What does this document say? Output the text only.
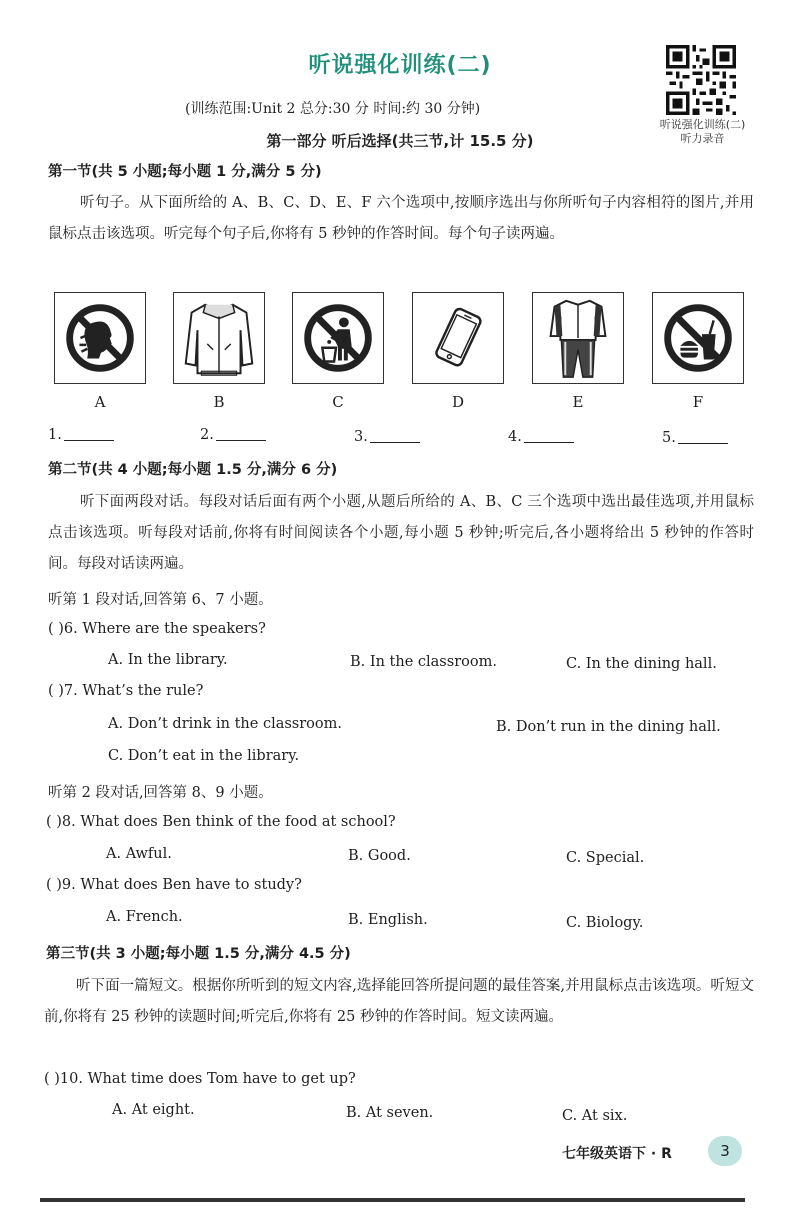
听说强化训练(二)
(训练范围:Unit 2 总分:30 分 时间:约 30 分钟)
听说强化训练(二)
听力录音
第一部分 听后选择(共三节,计 15.5 分)
第一节(共 5 小题;每小题 1 分,满分 5 分)
听句子。从下面所给的 A、B、C、D、E、F 六个选项中,按顺序选出与你所听句子内容相符的图片,并用鼠标点击该选项。听完每个句子后,你将有 5 秒钟的作答时间。每个句子读两遍。
A	B	C	D	E	F
1.	2.	3.	4.	5.
第二节(共 4 小题;每小题 1.5 分,满分 6 分)
听下面两段对话。每段对话后面有两个小题,从题后所给的 A、B、C 三个选项中选出最佳选项,并用鼠标点击该选项。听每段对话前,你将有时间阅读各个小题,每小题 5 秒钟;听完后,各小题将给出 5 秒钟的作答时间。每段对话读两遍。
听第 1 段对话,回答第 6、7 小题。
( )6. Where are the speakers?
A. In the library.	B. In the classroom.	C. In the dining hall.
( )7. What’s the rule?
A. Don’t drink in the classroom.	B. Don’t run in the dining hall.
C. Don’t eat in the library.
听第 2 段对话,回答第 8、9 小题。
( )8. What does Ben think of the food at school?
A. Awful.	B. Good.	C. Special.
( )9. What does Ben have to study?
A. French.	B. English.	C. Biology.
第三节(共 3 小题;每小题 1.5 分,满分 4.5 分)
听下面一篇短文。根据你所听到的短文内容,选择能回答所提问题的最佳答案,并用鼠标点击该选项。听短文前,你将有 25 秒钟的读题时间;听完后,你将有 25 秒钟的作答时间。短文读两遍。
( )10. What time does Tom have to get up?
A. At eight.	B. At seven.	C. At six.
七年级英语下 · R	3
